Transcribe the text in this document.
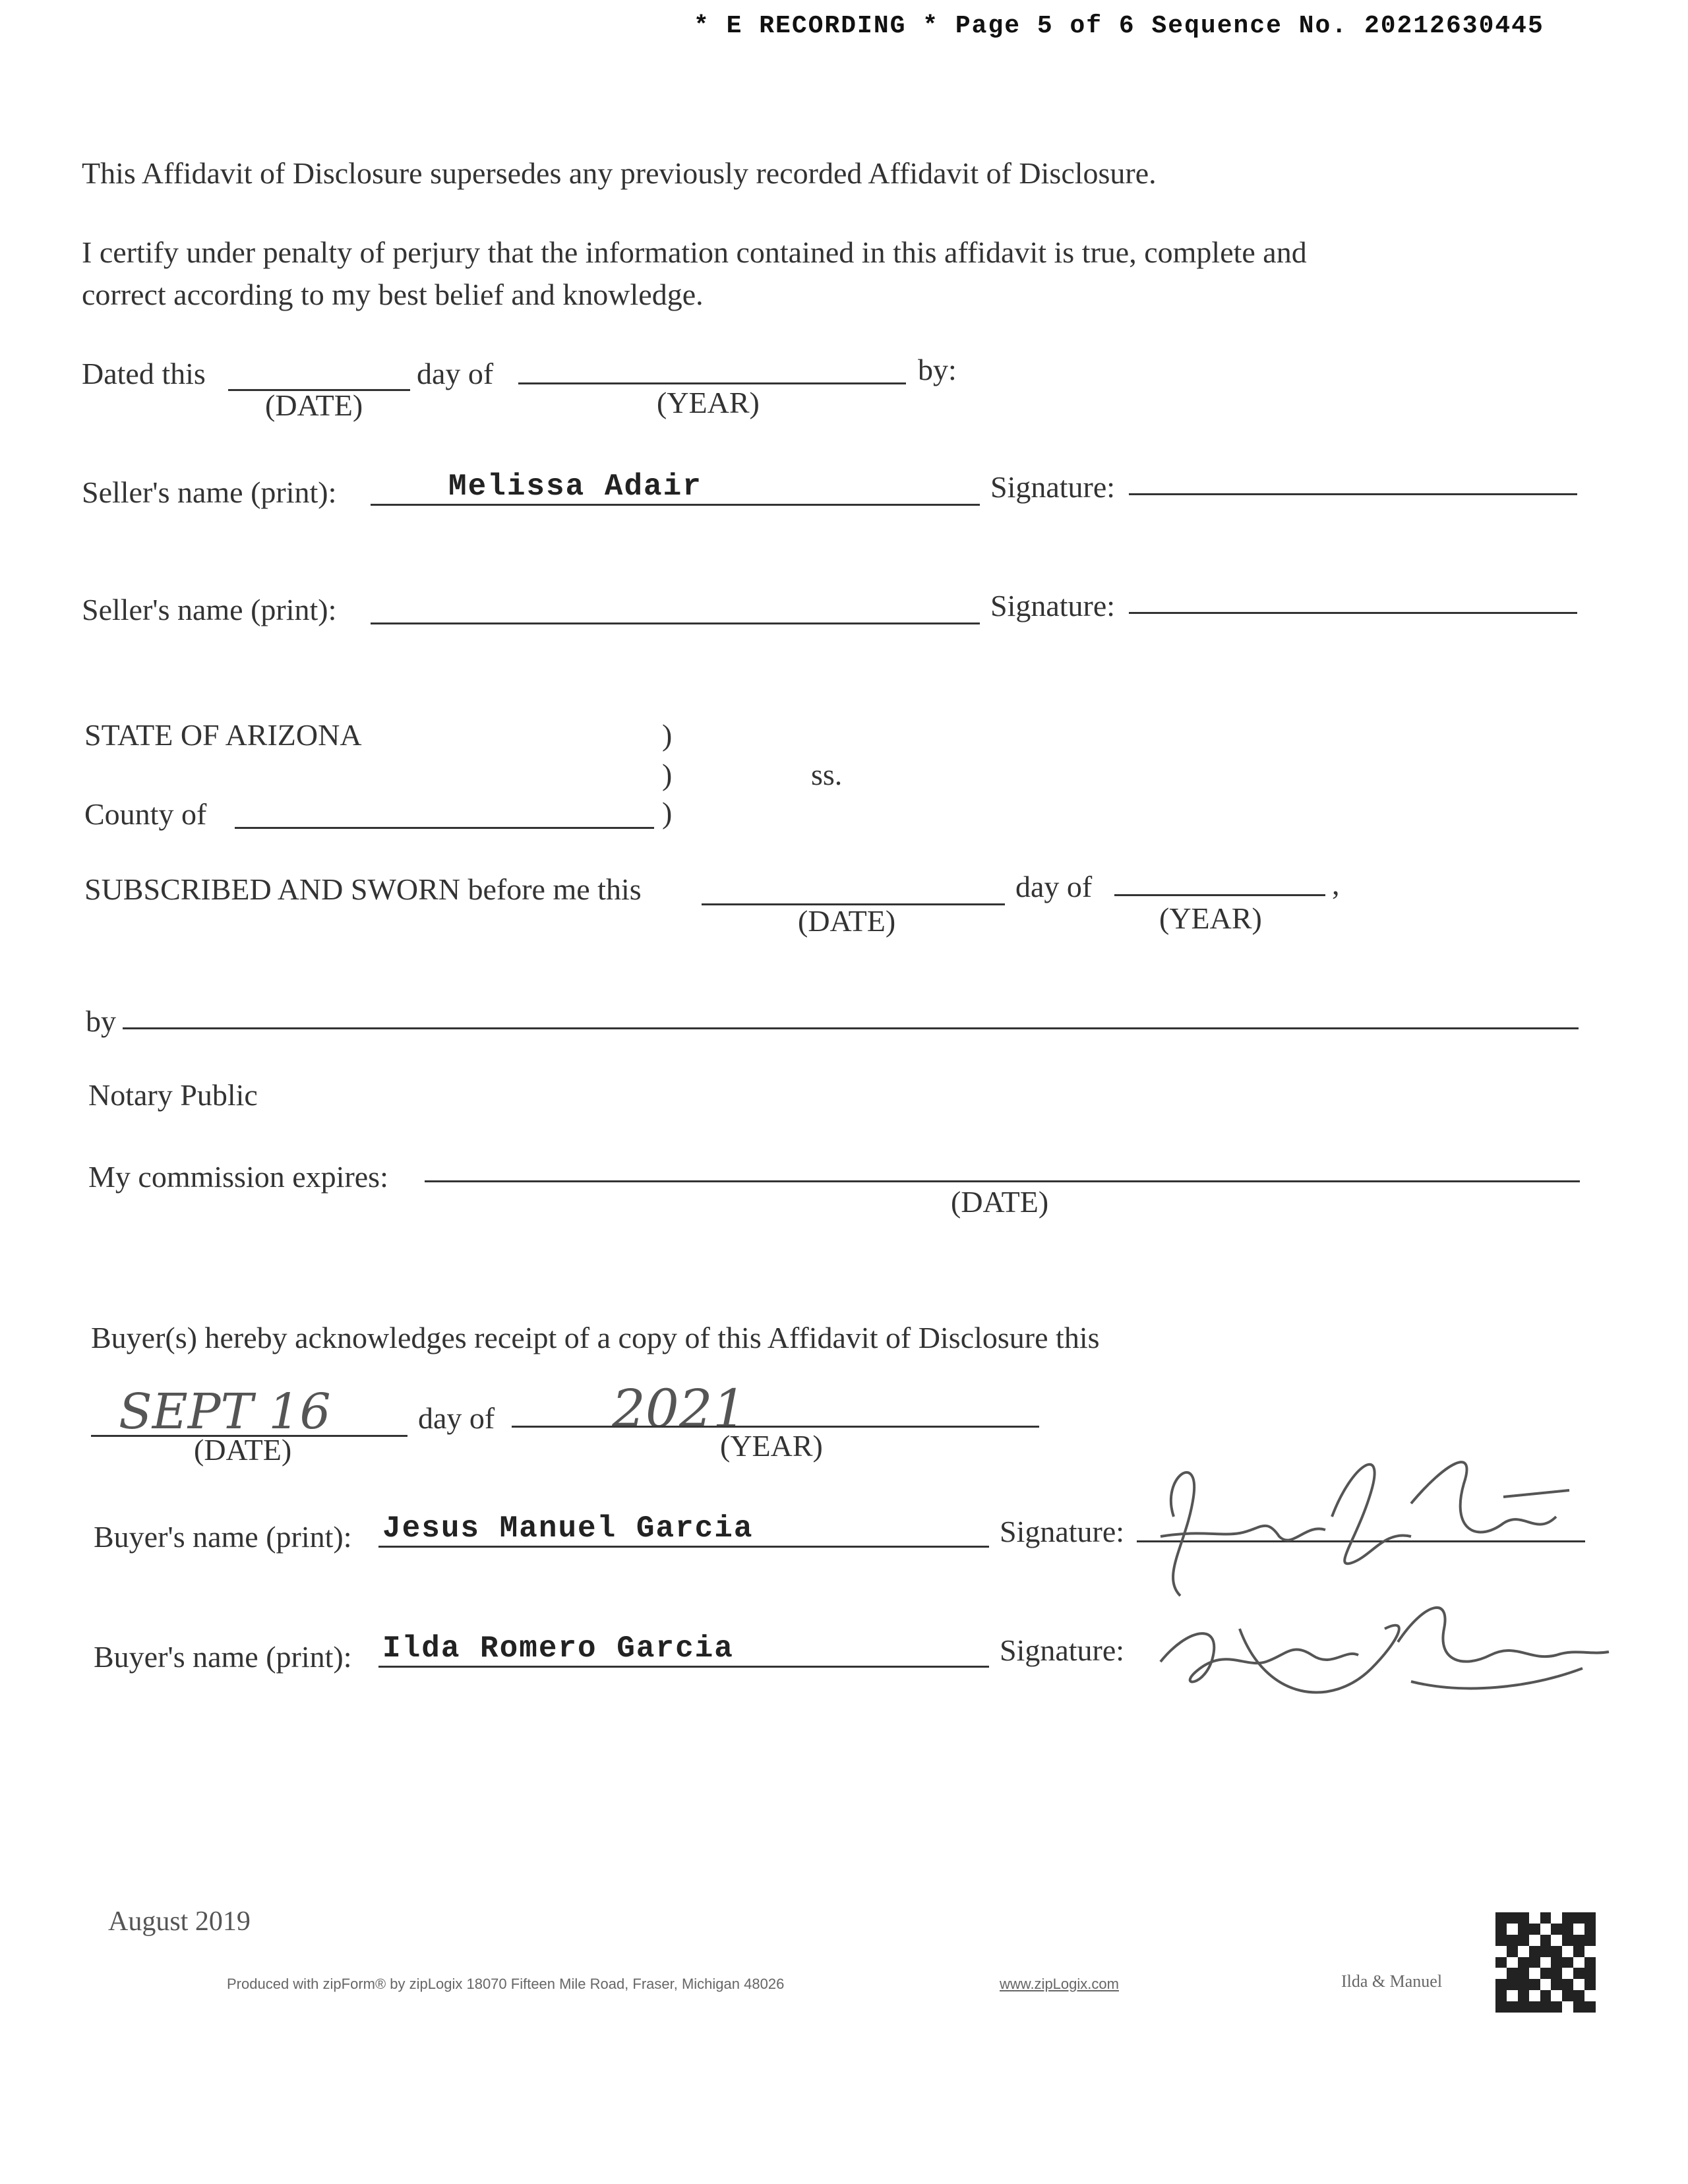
* E RECORDING * Page 5 of 6 Sequence No. 20212630445
This Affidavit of Disclosure supersedes any previously recorded Affidavit of Disclosure.
I certify under penalty of perjury that the information contained in this affidavit is true, complete and
correct according to my best belief and knowledge.
Dated this
(DATE)
day of
(YEAR)
by:
Seller's name (print):	Melissa Adair	Signature:
Seller's name (print):	Signature:
STATE OF ARIZONA	)
)	ss.
County of	)
SUBSCRIBED AND SWORN before me this
(DATE)
day of
(YEAR)
,
by
Notary Public
My commission expires:
(DATE)
Buyer(s) hereby acknowledges receipt of a copy of this Affidavit of Disclosure this
SEPT 16
(DATE)
day of 2021
(YEAR)
Buyer's name (print): Jesus Manuel Garcia	Signature:
Buyer's name (print): Ilda Romero Garcia	Signature:
August 2019
Produced with zipForm® by zipLogix 18070 Fifteen Mile Road, Fraser, Michigan 48026	www.zipLogix.com	Ilda & Manuel
